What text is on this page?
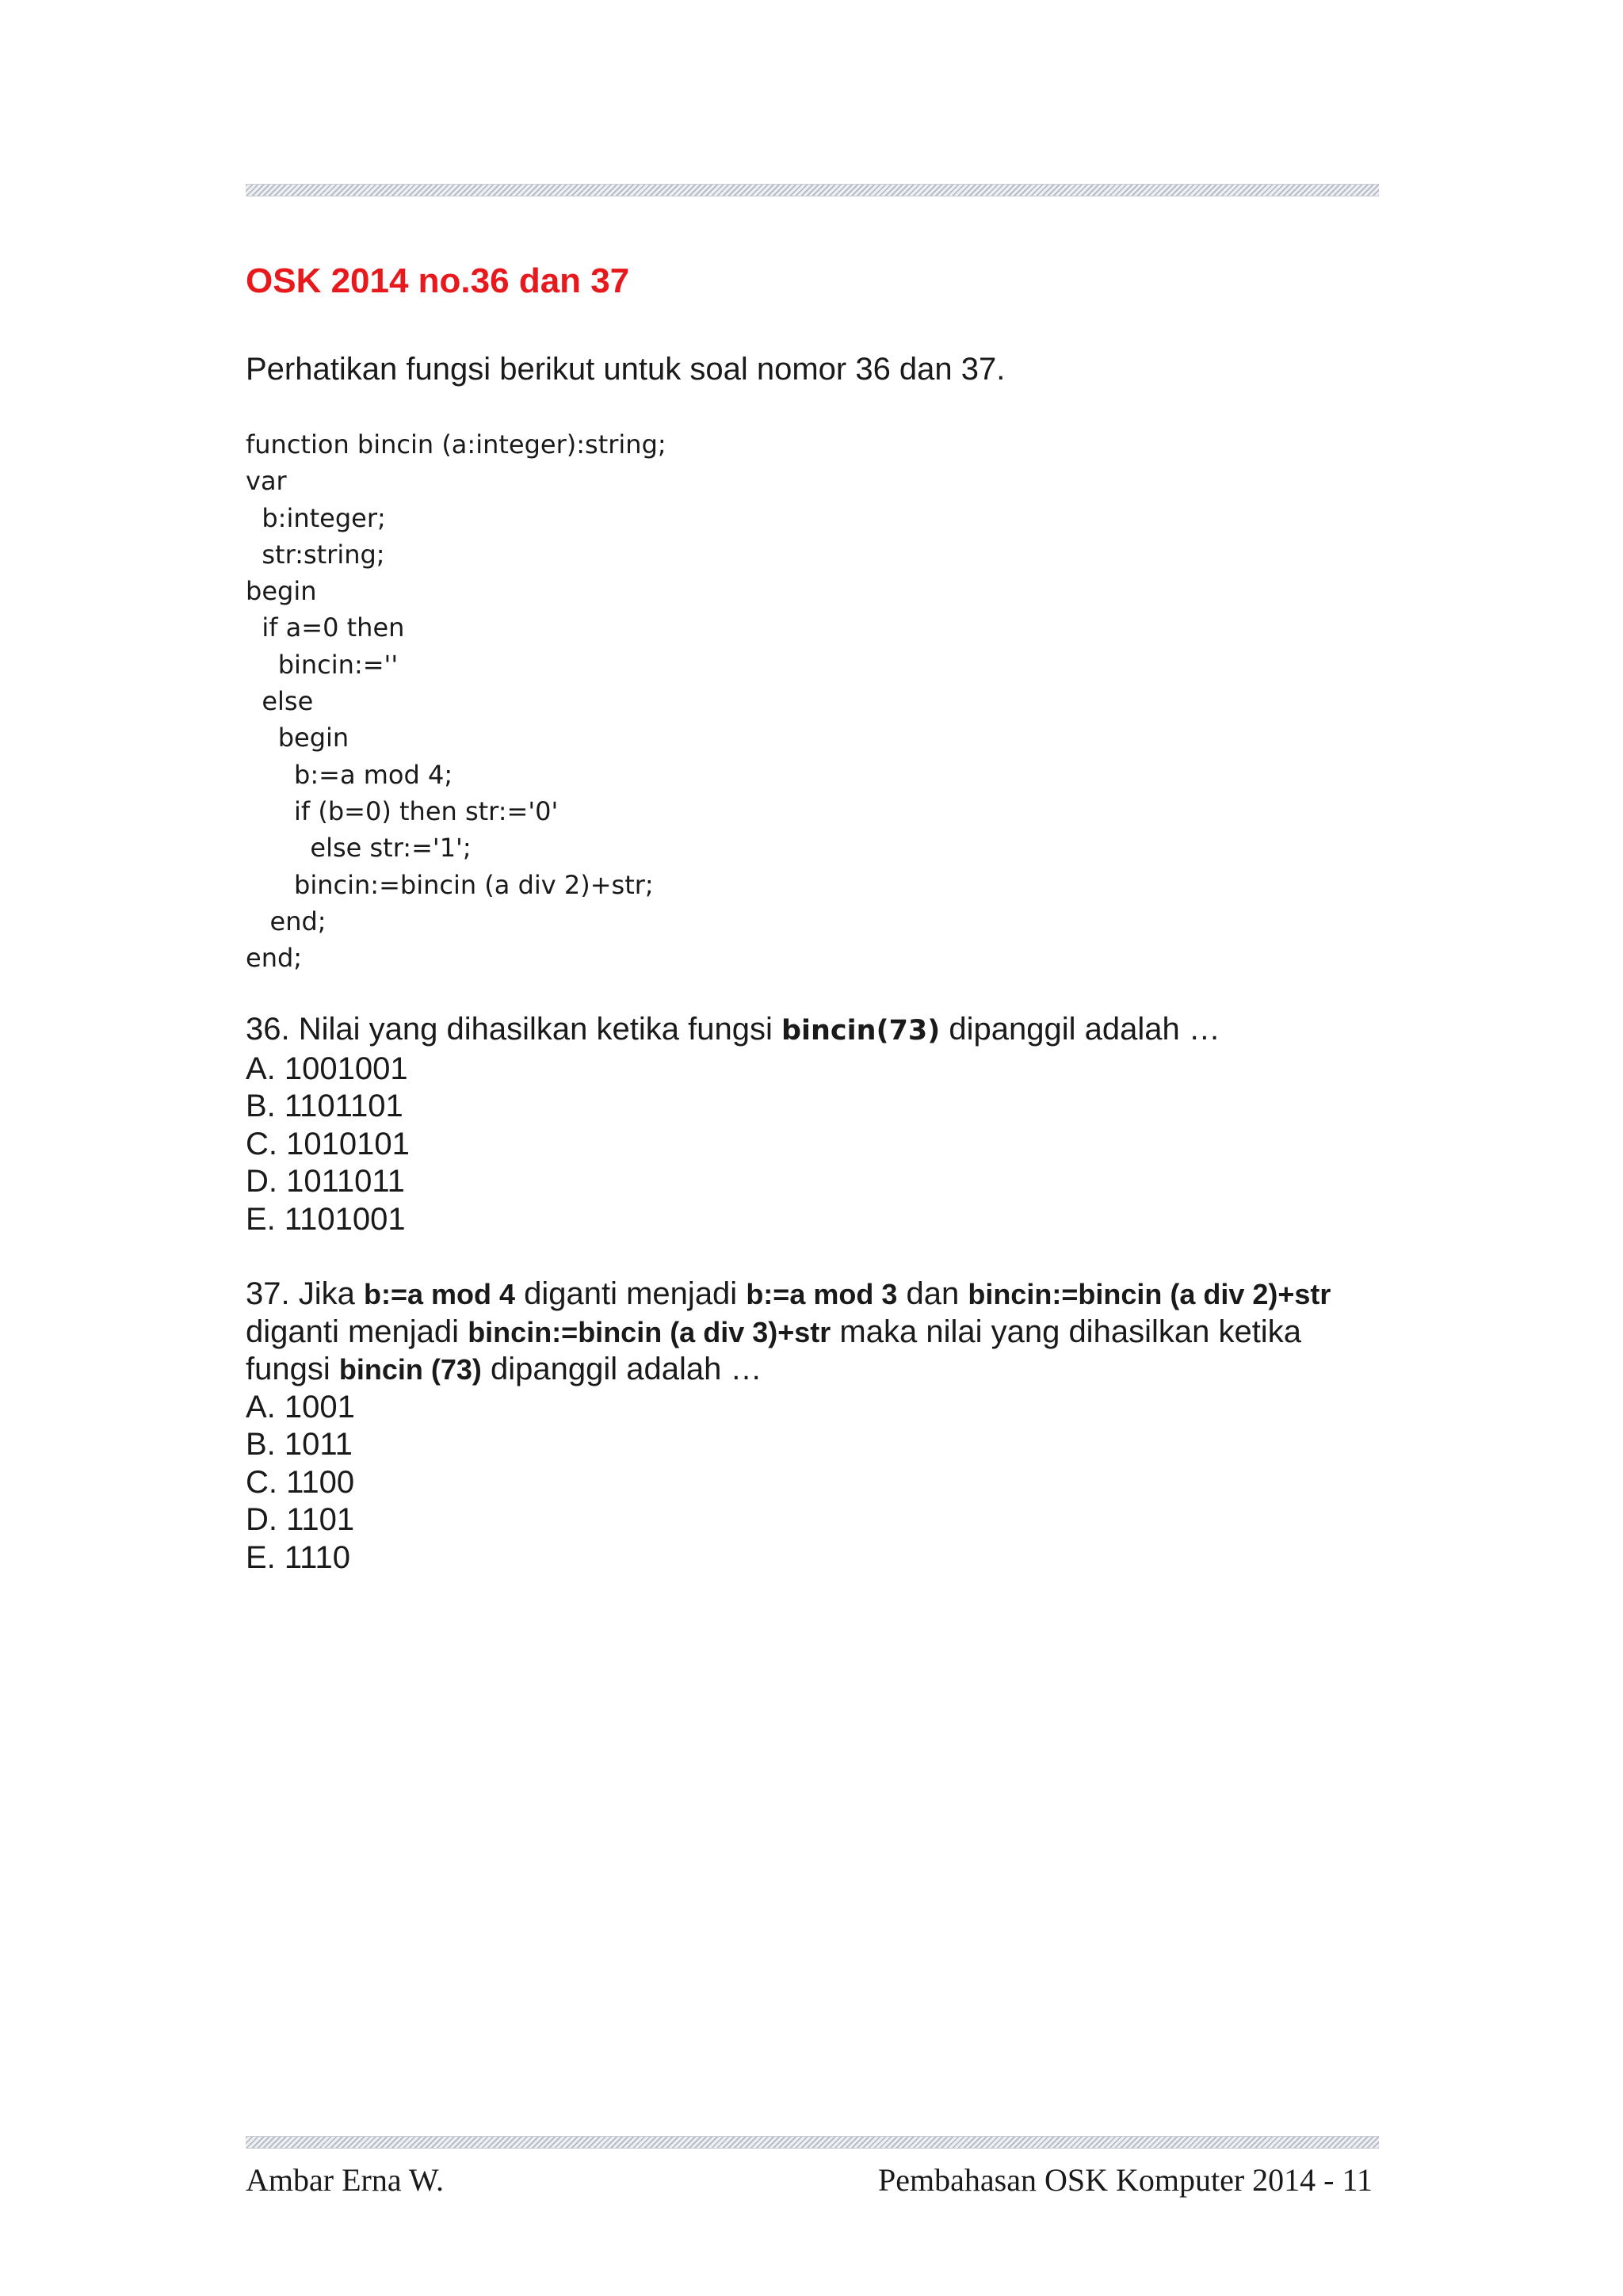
OSK 2014 no.36 dan 37

Perhatikan fungsi berikut untuk soal nomor 36 dan 37.

function bincin (a:integer):string;
var
b:integer;
str:string;
begin
if a=0 then
bincin:=''
else
begin
b:=a mod 4;
if (b=0) then str:='0'
else str:='1';
bincin:=bincin (a div 2)+str;
end;
end;
36. Nilai yang dihasilkan ketika fungsi bincin(73) dipanggil adalah …
A. 1001001
B. 1101101
C. 1010101
D. 1011011
E. 1101001
37. Jika b:=a mod 4 diganti menjadi b:=a mod 3 dan bincin:=bincin (a div 2)+str diganti menjadi bincin:=bincin (a div 3)+str maka nilai yang dihasilkan ketika fungsi bincin (73) dipanggil adalah …
A. 1001
B. 1011
C. 1100
D. 1101
E. 1110
Ambar Erna W.	Pembahasan OSK Komputer 2014 - 11
